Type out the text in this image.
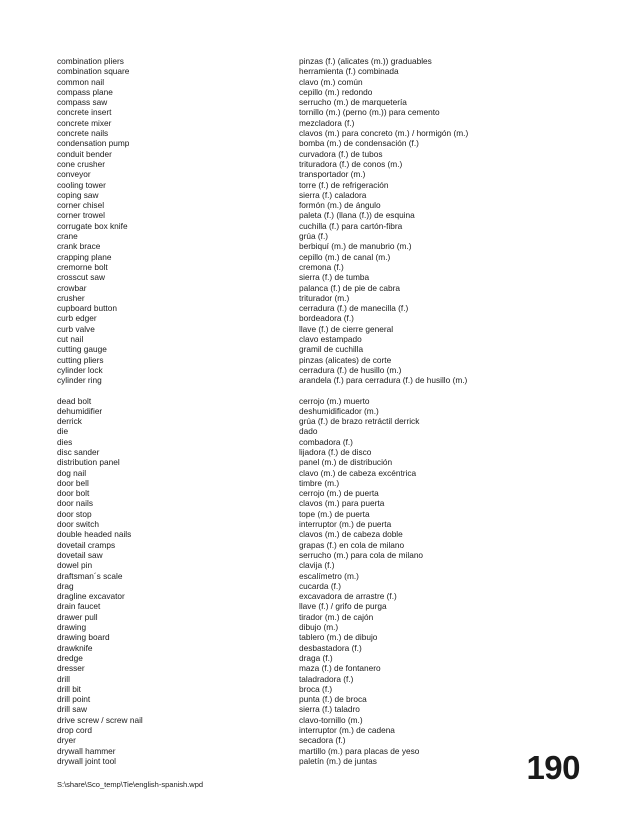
combination pliers	pinzas (f.) (alicates (m.)) graduables
combination square	herramienta (f.) combinada
common nail	clavo (m.) común
compass plane	cepillo (m.) redondo
compass saw	serrucho (m.) de marquetería
concrete insert	tornillo (m.) (perno (m.)) para cemento
concrete mixer	mezcladora (f.)
concrete nails	clavos (m.) para concreto (m.) / hormigón (m.)
condensation pump	bomba (m.) de condensación (f.)
conduit bender	curvadora (f.) de tubos
cone crusher	trituradora (f.) de conos (m.)
conveyor	transportador (m.)
cooling tower	torre (f.) de refrigeración
coping saw	sierra (f.) caladora
corner chisel	formón (m.) de ángulo
corner trowel	paleta (f.) (llana (f.)) de esquina
corrugate box knife	cuchilla (f.) para cartón-fibra
crane	grúa (f.)
crank brace	berbiquí (m.) de manubrio (m.)
crapping plane	cepillo (m.) de canal (m.)
cremorne bolt	cremona (f.)
crosscut saw	sierra (f.) de tumba
crowbar	palanca (f.) de pie de cabra
crusher	triturador (m.)
cupboard button	cerradura (f.) de manecilla (f.)
curb edger	bordeadora (f.)
curb valve	llave (f.) de cierre general
cut nail	clavo estampado
cutting gauge	gramil de cuchilla
cutting pliers	pinzas (alicates) de corte
cylinder lock	cerradura (f.) de husillo (m.)
cylinder ring	arandela (f.) para cerradura (f.) de husillo (m.)
dead bolt	cerrojo (m.) muerto
dehumidifier	deshumidificador (m.)
derrick	grúa (f.) de brazo retráctil derrick
die	dado
dies	combadora (f.)
disc sander	lijadora (f.) de disco
distribution panel	panel (m.) de distribución
dog nail	clavo (m.) de cabeza excéntrica
door bell	timbre (m.)
door bolt	cerrojo (m.) de puerta
door nails	clavos (m.) para puerta
door stop	tope (m.) de puerta
door switch	interruptor (m.) de puerta
double headed nails	clavos (m.) de cabeza doble
dovetail cramps	grapas (f.) en cola de milano
dovetail saw	serrucho (m.) para cola de milano
dowel pin	clavija (f.)
draftsman´s scale	escalímetro (m.)
drag	cucarda (f.)
dragline excavator	excavadora de arrastre (f.)
drain faucet	llave (f.) / grifo de purga
drawer pull	tirador (m.) de cajón
drawing	dibujo (m.)
drawing board	tablero (m.) de dibujo
drawknife	desbastadora (f.)
dredge	draga (f.)
dresser	maza (f.) de fontanero
drill	taladradora (f.)
drill bit	broca (f.)
drill point	punta (f.) de broca
drill saw	sierra (f.) taladro
drive screw / screw nail	clavo-tornillo (m.)
drop cord	interruptor (m.) de cadena
dryer	secadora (f.)
drywall hammer	martillo (m.) para placas de yeso
drywall joint tool	paletín (m.) de juntas
S:\share\Sco_temp\Tie\english-spanish.wpd	190
